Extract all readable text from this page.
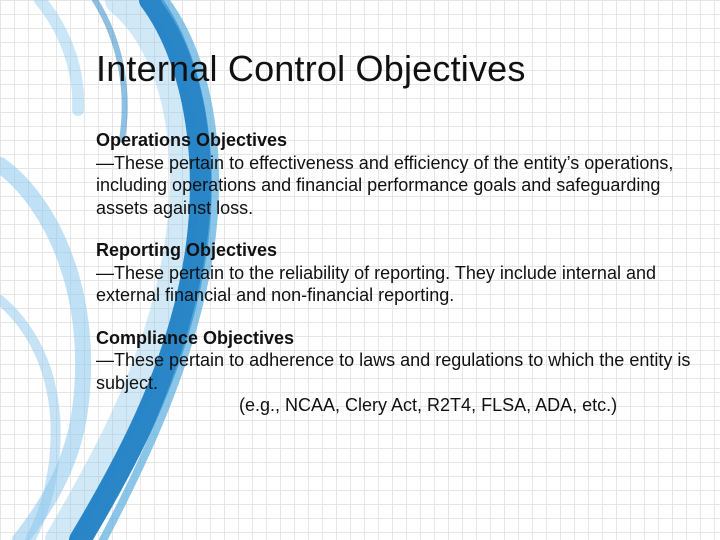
Internal Control Objectives

Operations Objectives
—These pertain to effectiveness and efficiency of the entity’s operations, including operations and financial performance goals and safeguarding assets against loss.

Reporting Objectives
—These pertain to the reliability of reporting. They include internal and external financial and non-financial reporting.

Compliance Objectives
—These pertain to adherence to laws and regulations to which the entity is subject.
(e.g., NCAA, Clery Act, R2T4, FLSA, ADA, etc.)
